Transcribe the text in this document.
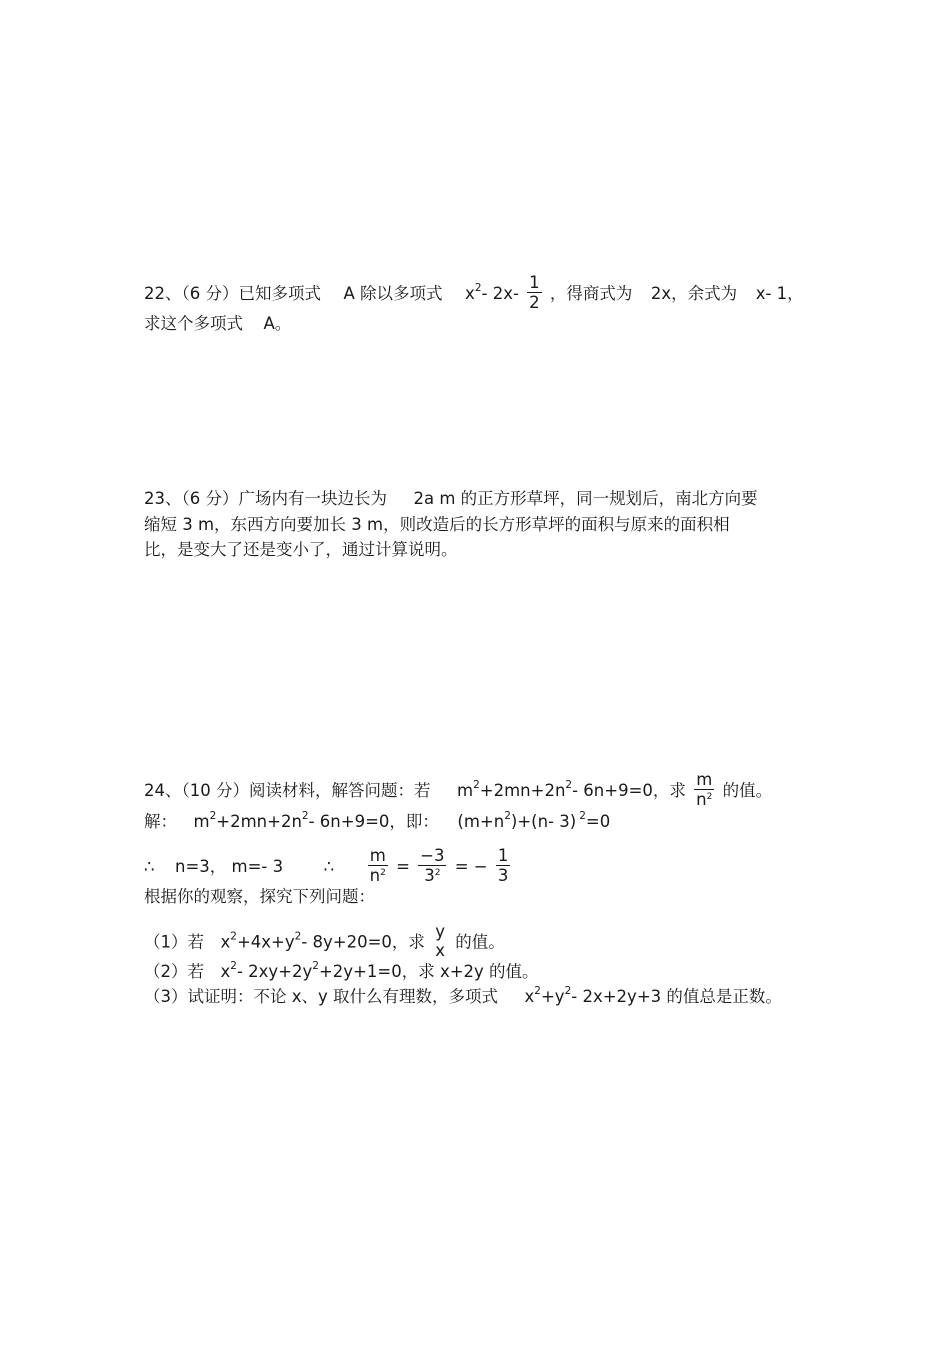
22、（6 分）已知多项式 A 除以多项式 $x^2-$ $2x- \frac{1}{2}$ ，得商式为 2x，余式为 x- 1，
求这个多项式 A。
23、（6 分）广场内有一块边长为 2a m 的正方形草坪，同一规划后，南北方向要
缩短 3 m，东西方向要加长 3 m，则改造后的长方形草坪的面积与原来的面积相
比，是变大了还是变小了，通过计算说明。
24、（10 分）阅读材料，解答问题：若 $m^2+2mn+2n^2-$ 6n+9=0，求 $\frac{m}{n^2}$ 的值。
解： $m^2+2mn+2n^2-$ 6n+9=0，即： $(m+n^2)+(n-$ 3) $^2$=0
∴ n=3， m=- 3 ∴ $\frac{m}{n^2} = \frac{-3}{3^2}$ = − $\frac{1}{3}$
根据你的观察，探究下列问题：
（1）若 $x^2+4x+y^2-$ 8y+20=0，求
y
x 的值。
（2）若 $x^2-$ $2xy+2y^2+2y+1=0$，求 x+2y 的值。
（3）试证明：不论 x、y 取什么有理数，多项式 $x^2+y^2-$ 2x+2y+3 的值总是正数。
